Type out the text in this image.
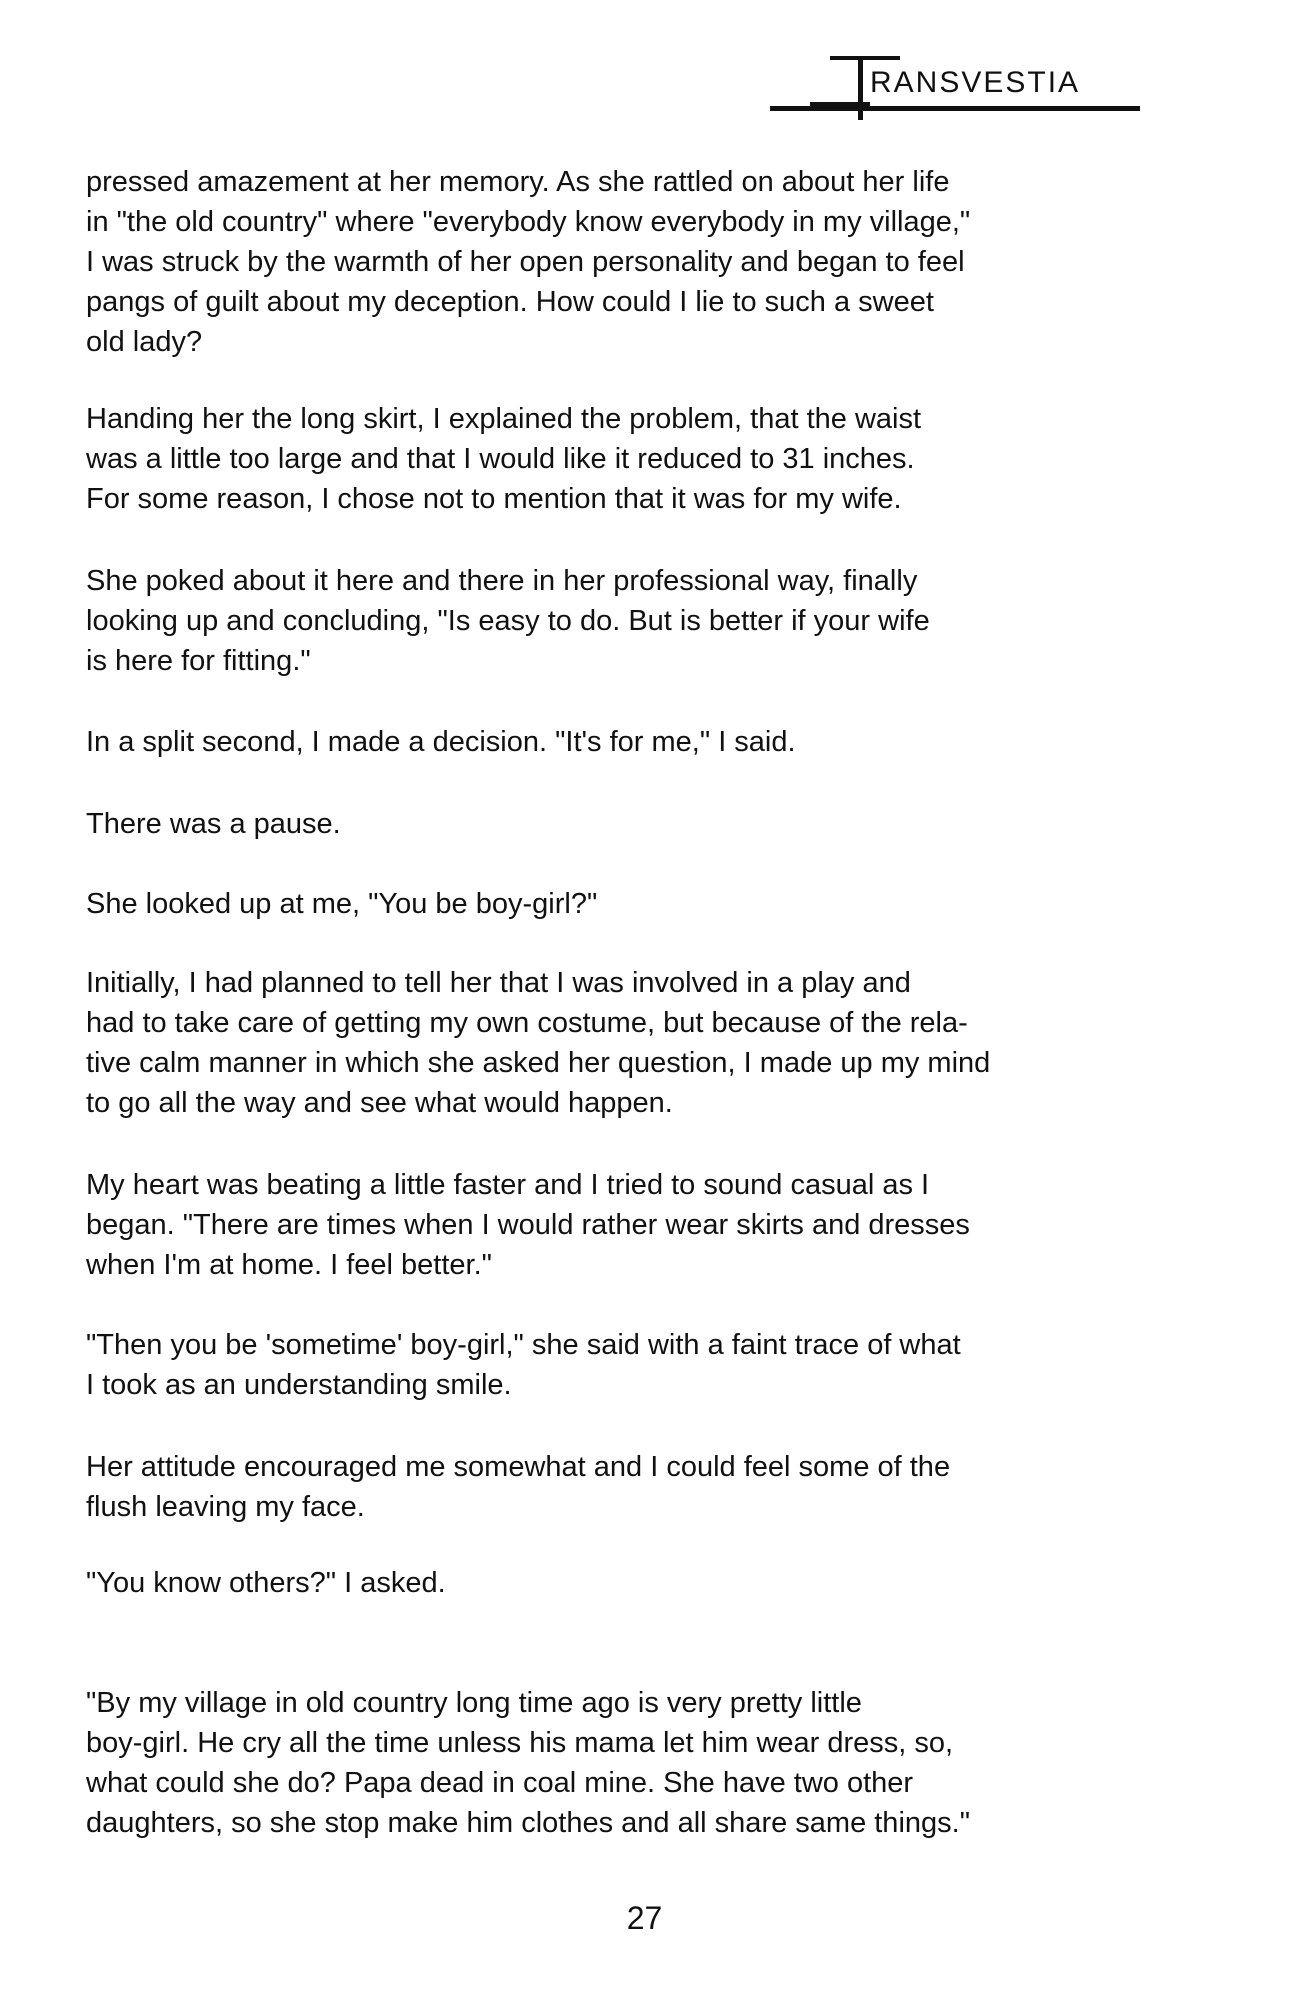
RANSVESTIA

pressed amazement at her memory. As she rattled on about her life
in "the old country" where "everybody know everybody in my village,"
I was struck by the warmth of her open personality and began to feel
pangs of guilt about my deception. How could I lie to such a sweet
old lady?

Handing her the long skirt, I explained the problem, that the waist
was a little too large and that I would like it reduced to 31 inches.
For some reason, I chose not to mention that it was for my wife.

She poked about it here and there in her professional way, finally
looking up and concluding, "Is easy to do. But is better if your wife
is here for fitting."

In a split second, I made a decision. "It's for me," I said.

There was a pause.

She looked up at me, "You be boy-girl?"

Initially, I had planned to tell her that I was involved in a play and
had to take care of getting my own costume, but because of the rela-
tive calm manner in which she asked her question, I made up my mind
to go all the way and see what would happen.

My heart was beating a little faster and I tried to sound casual as I
began. "There are times when I would rather wear skirts and dresses
when I'm at home. I feel better."

"Then you be 'sometime' boy-girl," she said with a faint trace of what
I took as an understanding smile.

Her attitude encouraged me somewhat and I could feel some of the
flush leaving my face.

"You know others?" I asked.

"By my village in old country long time ago is very pretty little
boy-girl. He cry all the time unless his mama let him wear dress, so,
what could she do? Papa dead in coal mine. She have two other
daughters, so she stop make him clothes and all share same things."

27
